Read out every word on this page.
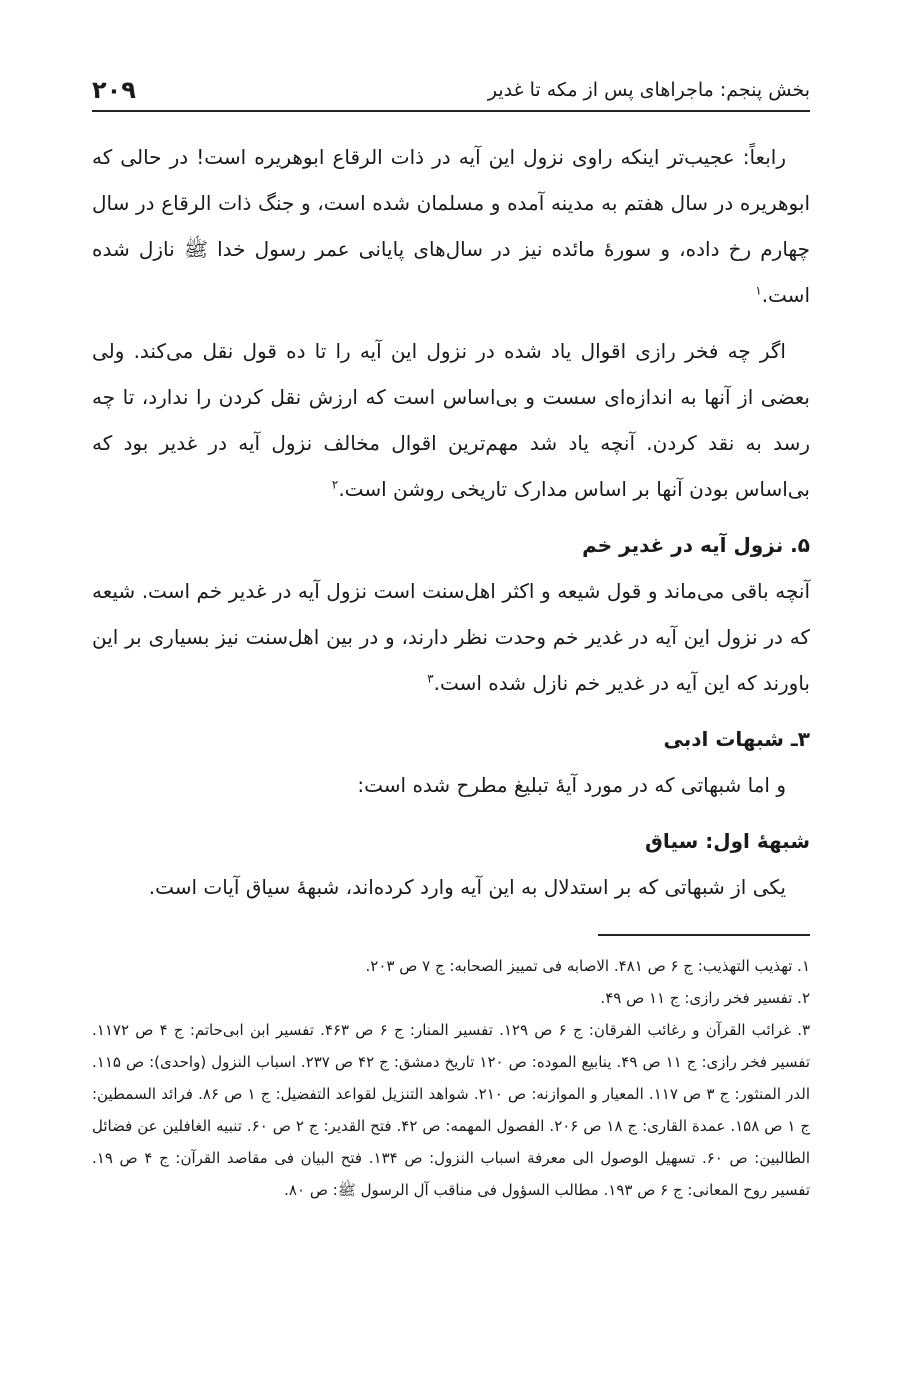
بخش پنجم: ماجراهای پس از مکه تا غدیر
۲۰۹

رابعاً: عجیب‌تر اینکه راوی نزول این آیه در ذات الرقاع ابوهریره است! در حالی که ابوهریره در سال هفتم به مدینه آمده و مسلمان شده است، و جنگ ذات الرقاع در سال چهارم رخ داده، و سورهٔ مائده نیز در سال‌های پایانی عمر رسول خدا ﷺ نازل شده است.$^۱$

اگر چه فخر رازی اقوال یاد شده در نزول این آیه را تا ده قول نقل می‌کند. ولی بعضی از آنها به اندازه‌ای سست و بی‌اساس است که ارزش نقل کردن را ندارد، تا چه رسد به نقد کردن. آنچه یاد شد مهم‌ترین اقوال مخالف نزول آیه در غدیر بود که بی‌اساس بودن آنها بر اساس مدارک تاریخی روشن است.$^۲$

۵. نزول آیه در غدیر خم

آنچه باقی می‌ماند و قول شیعه و اکثر اهل‌سنت است نزول آیه در غدیر خم است. شیعه که در نزول این آیه در غدیر خم وحدت نظر دارند، و در بین اهل‌سنت نیز بسیاری بر این باورند که این آیه در غدیر خم نازل شده است.$^۳$

۳ـ شبهات ادبی

و اما شبهاتی که در مورد آیهٔ تبلیغ مطرح شده است:

شبههٔ اول: سیاق

یکی از شبهاتی که بر استدلال به این آیه وارد کرده‌اند، شبههٔ سیاق آیات است.

۱. تهذیب التهذیب: ج ۶ ص ۴۸۱. الاصابه فی تمییز الصحابه: ج ۷ ص ۲۰۳.

۲. تفسیر فخر رازی: ج ۱۱ ص ۴۹.

۳. غرائب القرآن و رغائب الفرقان: ج ۶ ص ۱۲۹. تفسیر المنار: ج ۶ ص ۴۶۳. تفسیر ابن ابی‌حاتم: ج ۴ ص ۱۱۷۲. تفسیر فخر رازی: ج ۱۱ ص ۴۹. ینابیع الموده: ص ۱۲۰ تاریخ دمشق: ج ۴۲ ص ۲۳۷. اسباب النزول (واحدی): ص ۱۱۵. الدر المنثور: ج ۳ ص ۱۱۷. المعیار و الموازنه: ص ۲۱۰. شواهد التنزیل لقواعد التفضیل: ج ۱ ص ۸۶. فرائد السمطین: ج ۱ ص ۱۵۸. عمدة القاری: ج ۱۸ ص ۲۰۶. الفصول المهمه: ص ۴۲. فتح القدیر: ج ۲ ص ۶۰. تنبیه الغافلین عن فضائل الطالبین: ص ۶۰. تسهیل الوصول الی معرفة اسباب النزول: ص ۱۳۴. فتح البیان فی مقاصد القرآن: ج ۴ ص ۱۹. تفسیر روح المعانی: ج ۶ ص ۱۹۳. مطالب السؤول فی مناقب آل الرسول ﷺ: ص ۸۰.
